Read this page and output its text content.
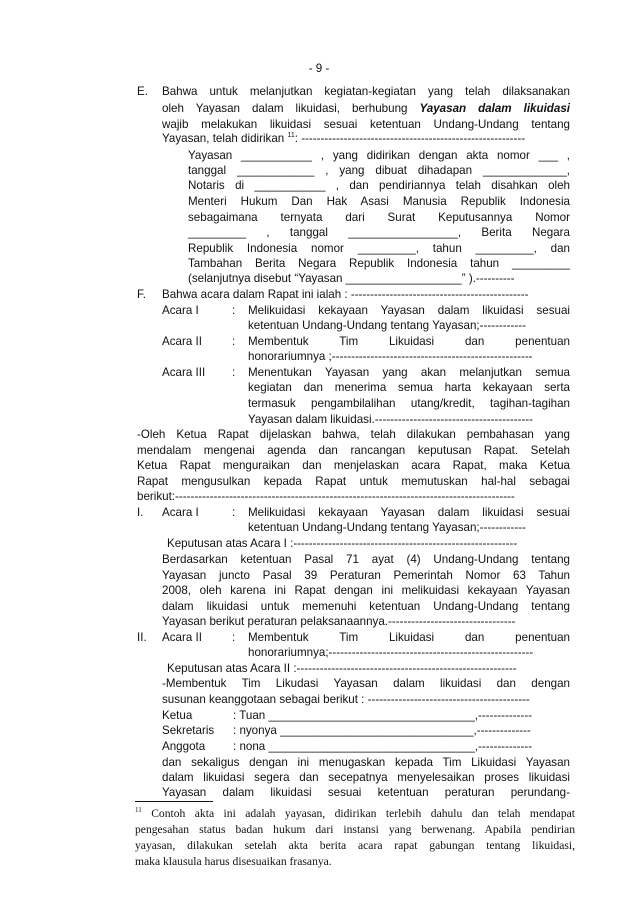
- 9 -
E. Bahwa untuk melanjutkan kegiatan-kegiatan yang telah dilaksanakan
oleh Yayasan dalam likuidasi, berhubung Yayasan dalam likuidasi
wajib melakukan likuidasi sesuai ketentuan Undang-Undang tentang
Yayasan, telah didirikan $^{11}$: ----------------------------------------------------------
Yayasan ___________ , yang didirikan dengan akta nomor ___ ,
tanggal ____________ , yang dibuat dihadapan _____________,
Notaris di ___________ , dan pendiriannya telah disahkan oleh
Menteri Hukum Dan Hak Asasi Manusia Republik Indonesia
sebagaimana ternyata dari Surat Keputusannya Nomor
_________ , tanggal _________________, Berita Negara
Republik Indonesia nomor _________, tahun _________, dan
Tambahan Berita Negara Republik Indonesia tahun _________
(selanjutnya disebut “Yayasan __________________” ).----------
F. Bahwa acara dalam Rapat ini ialah : ----------------------------------------------
Acara I	: Melikuidasi kekayaan Yayasan dalam likuidasi sesuai
ketentuan Undang-Undang tentang Yayasan;------------
Acara II	: Membentuk Tim Likuidasi dan penentuan
honorariumnya ;----------------------------------------------------
Acara III : Menentukan Yayasan yang akan melanjutkan semua
kegiatan dan menerima semua harta kekayaan serta
termasuk pengambilalihan utang/kredit, tagihan-tagihan
Yayasan dalam likuidasi.-----------------------------------------
-Oleh Ketua Rapat dijelaskan bahwa, telah dilakukan pembahasan yang
mendalam mengenai agenda dan rancangan keputusan Rapat. Setelah
Ketua Rapat menguraikan dan menjelaskan acara Rapat, maka Ketua
Rapat mengusulkan kepada Rapat untuk memutuskan hal-hal sebagai
berikut:----------------------------------------------------------------------------------------
I. Acara I	: Melikuidasi kekayaan Yayasan dalam likuidasi sesuai
ketentuan Undang-Undang tentang Yayasan;------------
Keputusan atas Acara I :----------------------------------------------------------
Berdasarkan ketentuan Pasal 71 ayat (4) Undang-Undang tentang
Yayasan juncto Pasal 39 Peraturan Pemerintah Nomor 63 Tahun
2008, oleh karena ini Rapat dengan ini melikuidasi kekayaan Yayasan
dalam likuidasi untuk memenuhi ketentuan Undang-Undang tentang
Yayasan berikut peraturan pelaksanaannya.---------------------------------
II. Acara II	: Membentuk Tim Likuidasi dan penentuan
honorariumnya;-----------------------------------------------------
Keputusan atas Acara II :---------------------------------------------------------
-Membentuk Tim Likudasi Yayasan dalam likuidasi dan dengan
susunan keanggotaan sebagai berikut : ------------------------------------------
Ketua	: Tuan ________________________________,--------------
Sekretaris : nyonya ______________________________,--------------
Anggota : nona ________________________________,--------------
dan sekaligus dengan ini menugaskan kepada Tim Likuidasi Yayasan
dalam likuidasi segera dan secepatnya menyelesaikan proses likuidasi
Yayasan dalam likuidasi sesuai ketentuan peraturan perundang-
$^{11}$ Contoh akta ini adalah yayasan, didirikan terlebih dahulu dan telah mendapat
pengesahan status badan hukum dari instansi yang berwenang. Apabila pendirian
yayasan, dilakukan setelah akta berita acara rapat gabungan tentang likuidasi,
maka klausula harus disesuaikan frasanya.
